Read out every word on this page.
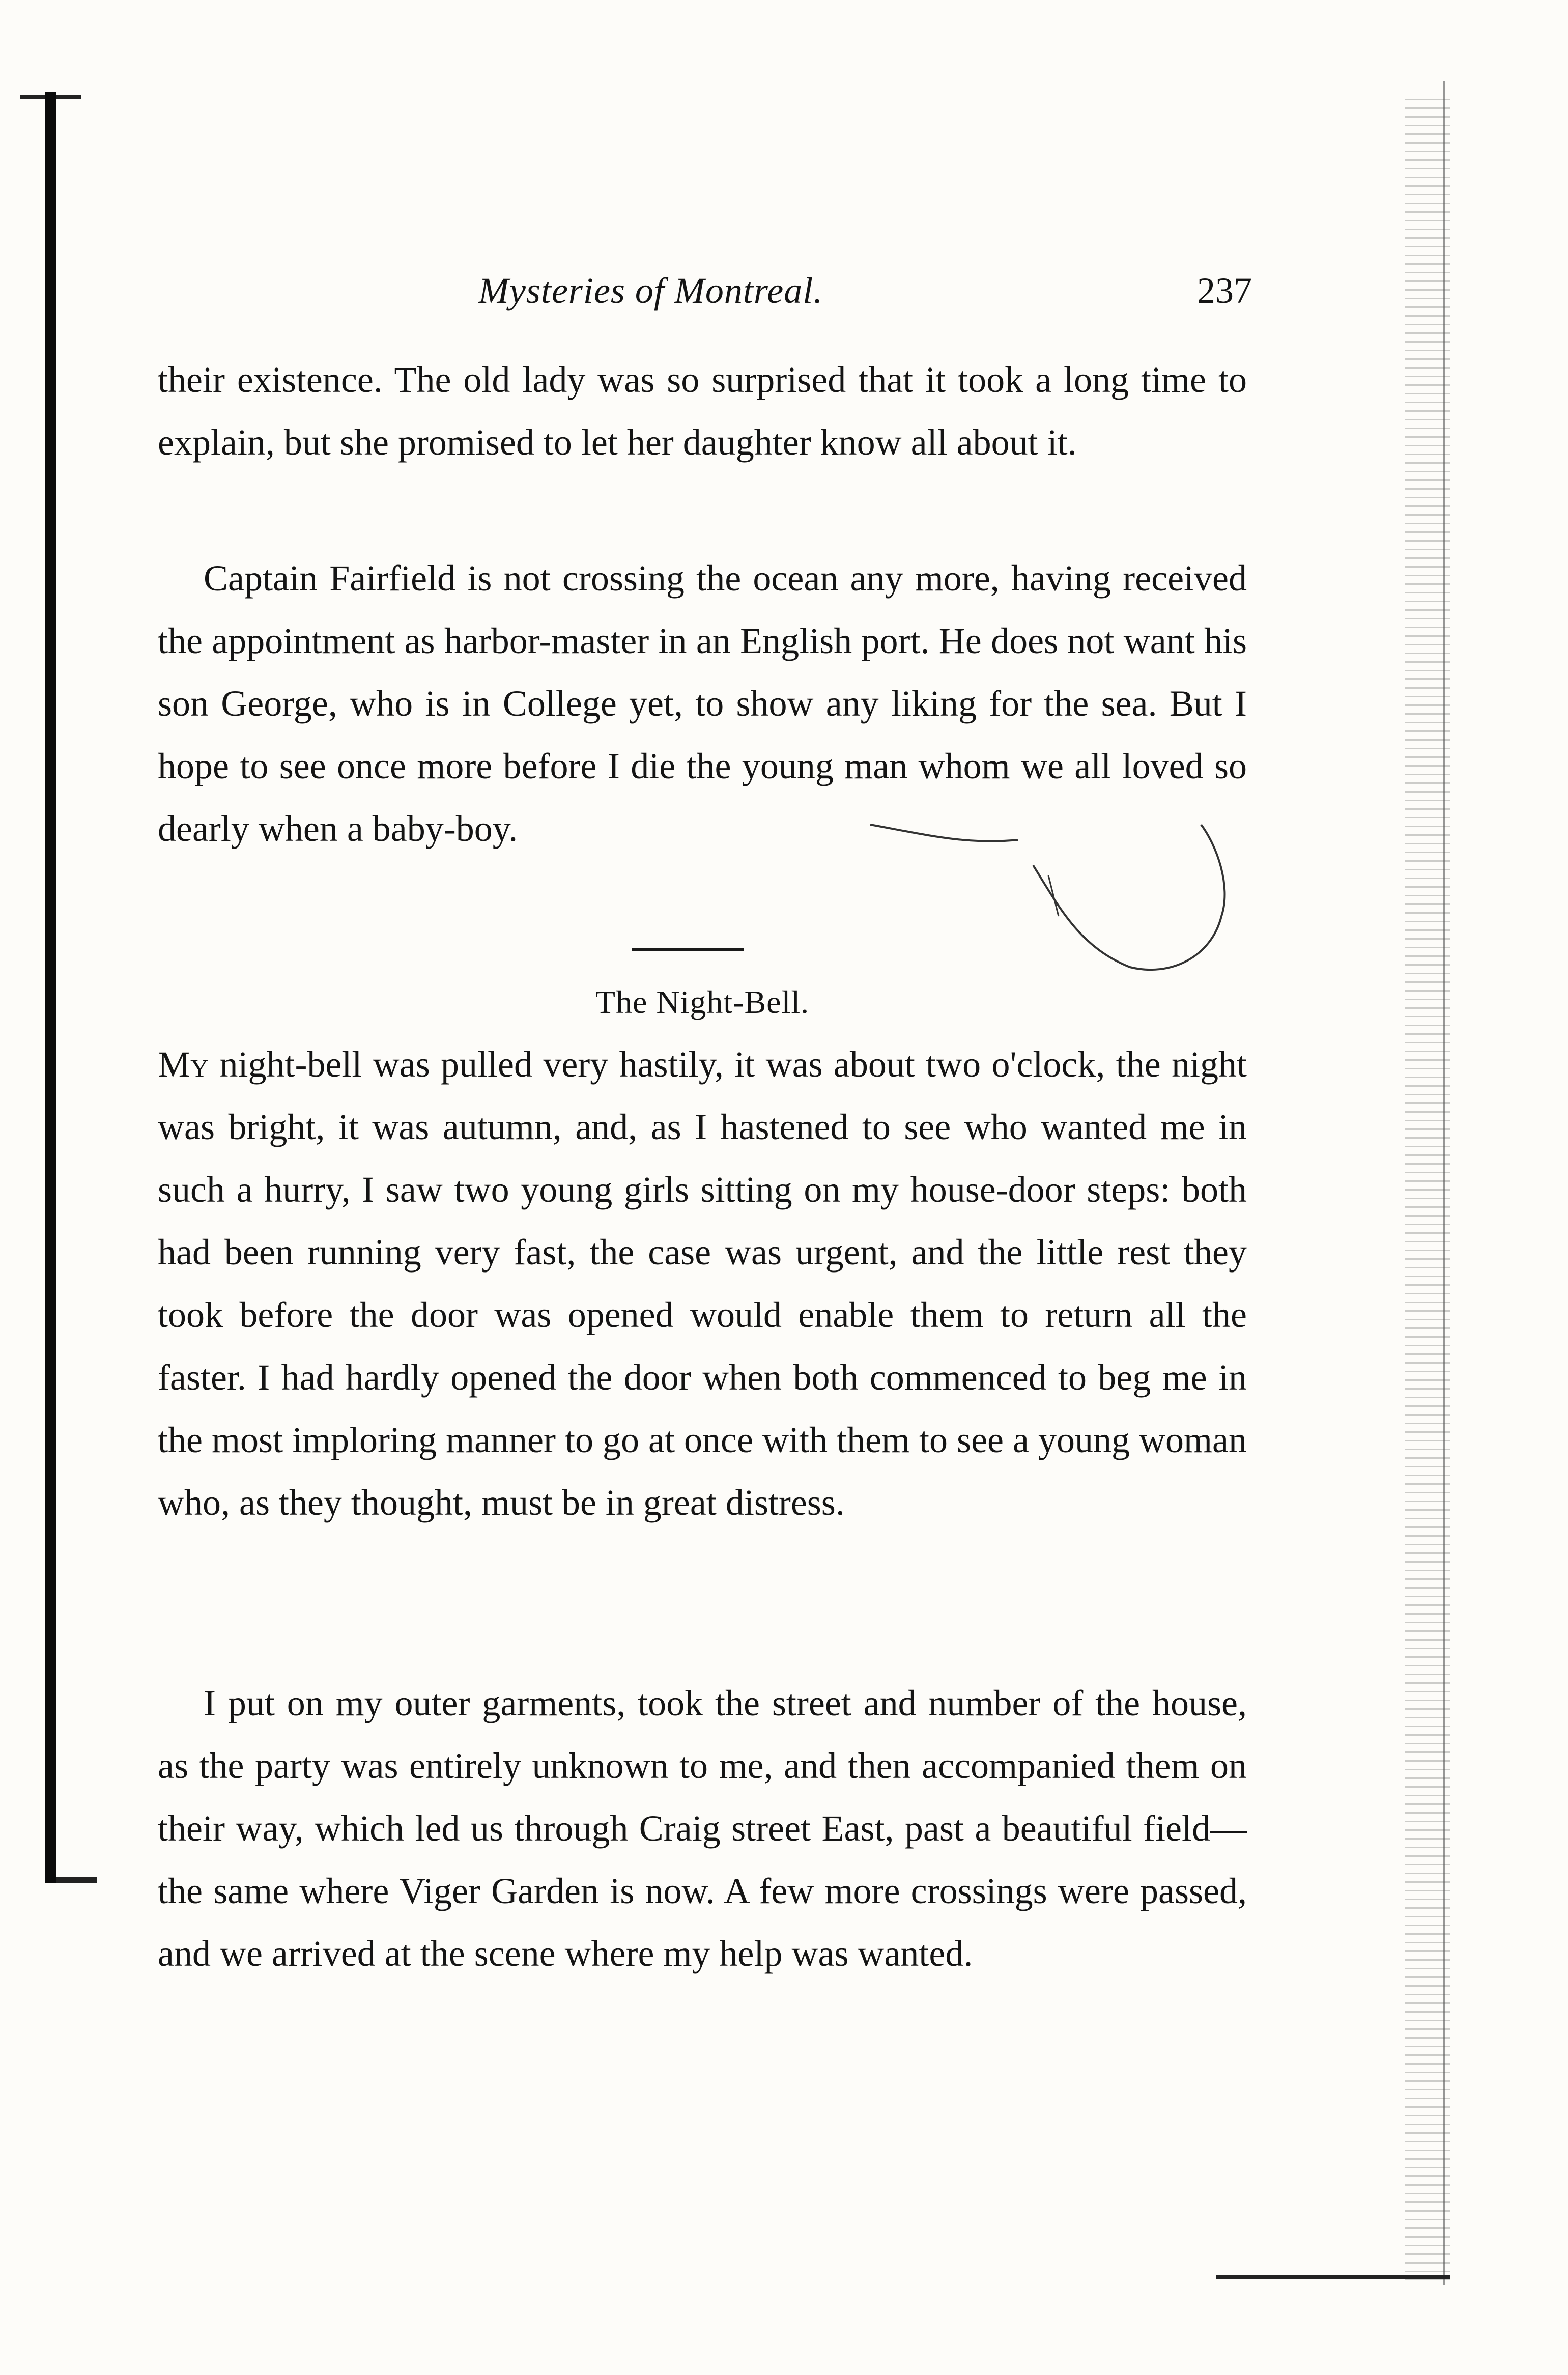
Mysteries of Montreal.	237

their existence. The old lady was so surprised that it took a long time to explain, but she promised to let her daughter know all about it.

Captain Fairfield is not crossing the ocean any more, having received the appointment as harbor-master in an English port. He does not want his son George, who is in College yet, to show any liking for the sea. But I hope to see once more before I die the young man whom we all loved so dearly when a baby-boy.

The Night-Bell.

My night-bell was pulled very hastily, it was about two o'clock, the night was bright, it was autumn, and, as I hastened to see who wanted me in such a hurry, I saw two young girls sitting on my house-door steps: both had been running very fast, the case was urgent, and the little rest they took before the door was opened would enable them to return all the faster. I had hardly opened the door when both commenced to beg me in the most imploring manner to go at once with them to see a young woman who, as they thought, must be in great distress.

I put on my outer garments, took the street and number of the house, as the party was entirely unknown to me, and then accompanied them on their way, which led us through Craig street East, past a beautiful field—the same where Viger Garden is now. A few more crossings were passed, and we arrived at the scene where my help was wanted.
